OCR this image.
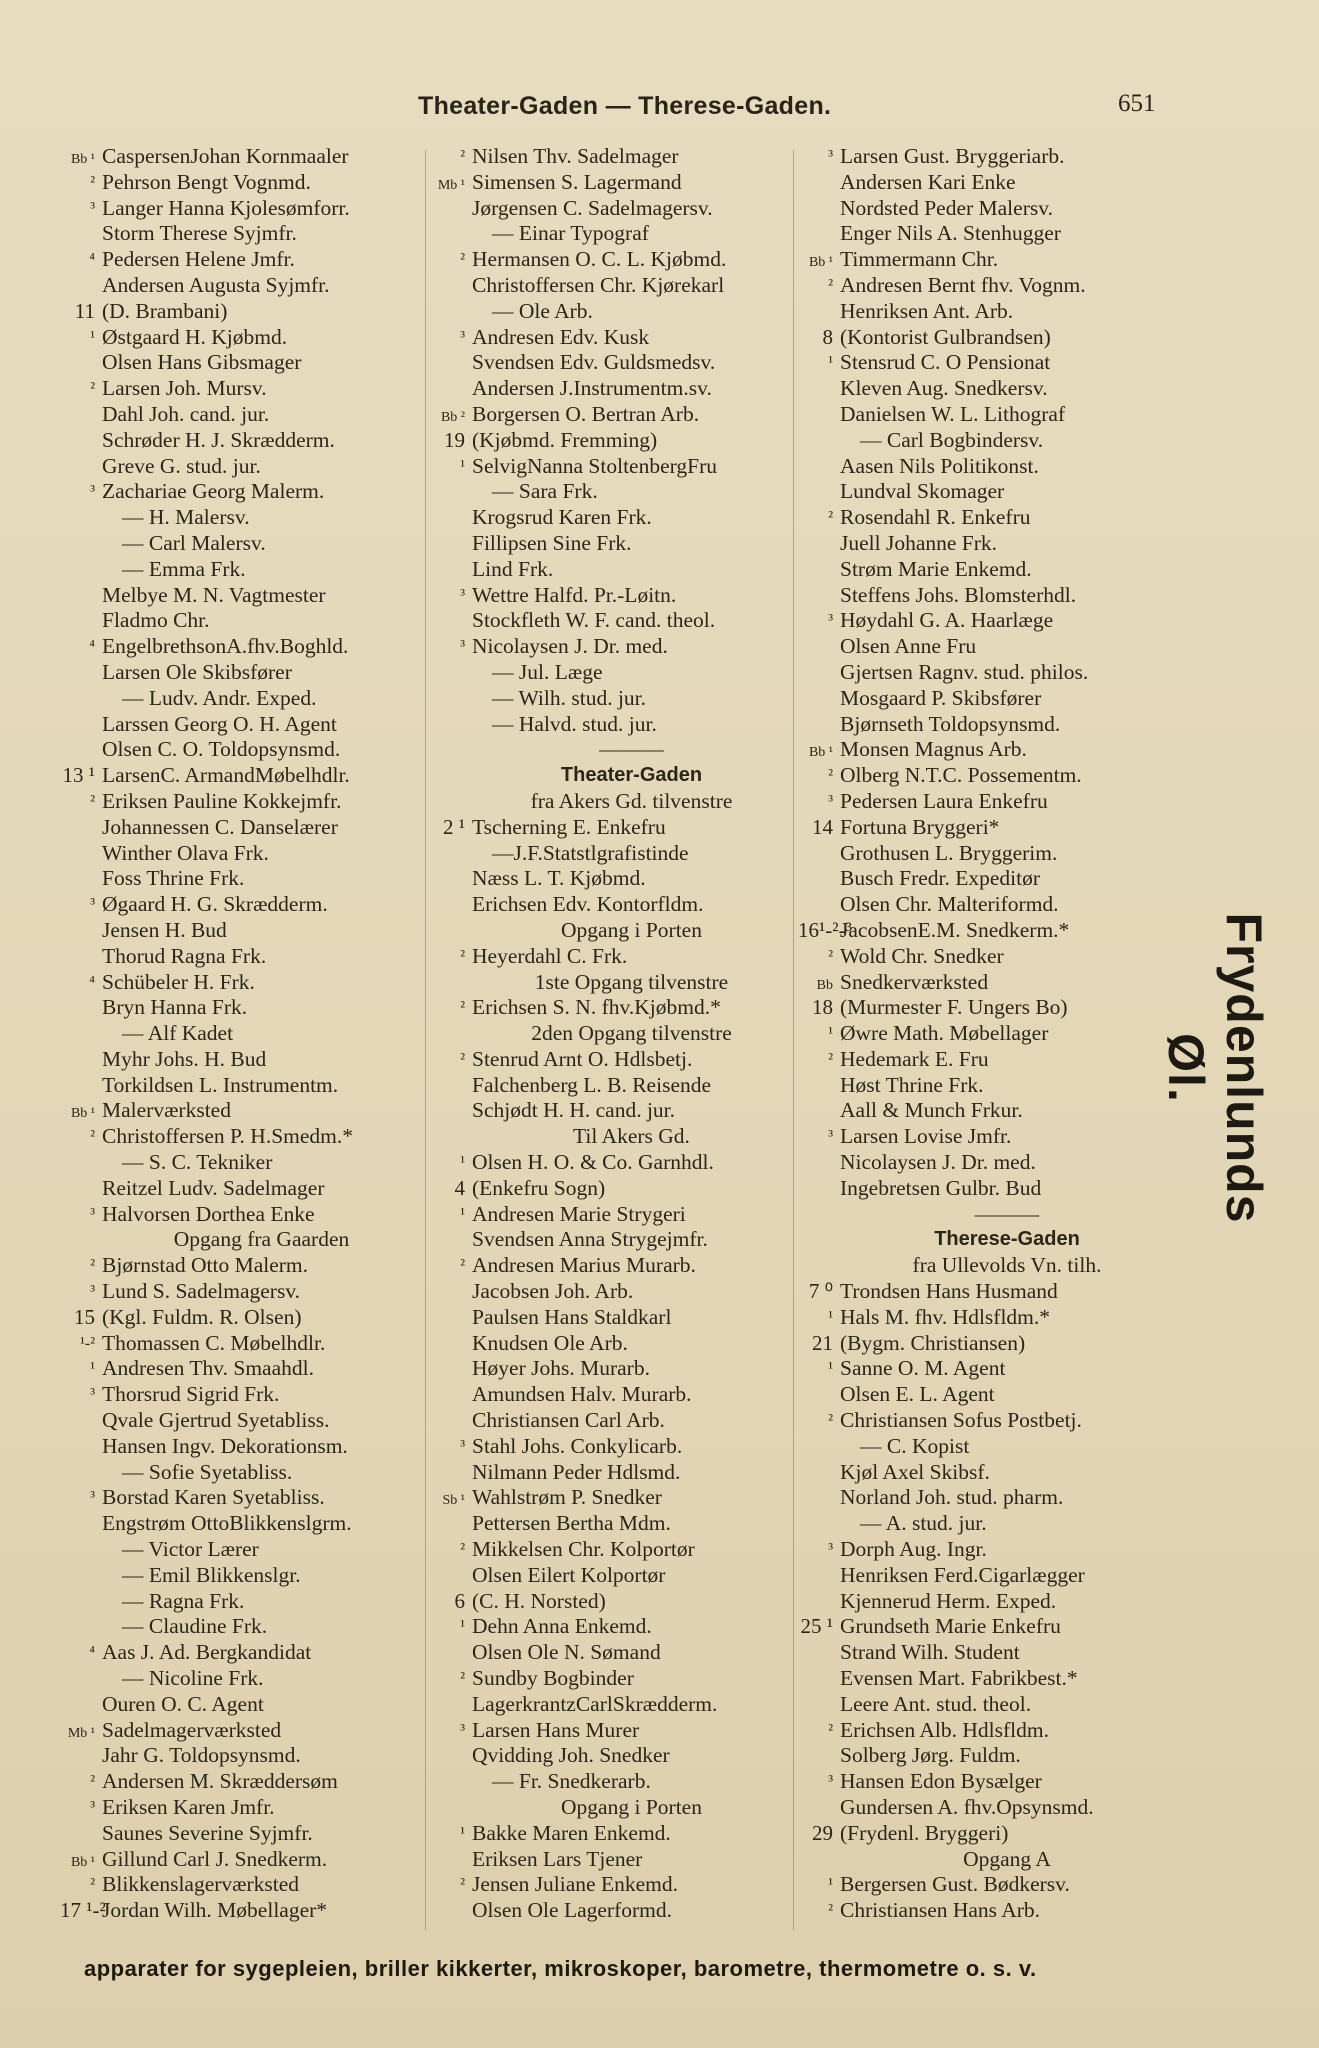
Theater-Gaden — Therese-Gaden.	651
Bb ¹ CaspersenJohan Kornmaaler
² Pehrson Bengt Vognmd.
³ Langer Hanna Kjolesømforr.
Storm Therese Syjmfr.
⁴ Pedersen Helene Jmfr.
Andersen Augusta Syjmfr.
11 (D. Brambani)
¹ Østgaard H. Kjøbmd.
Olsen Hans Gibsmager
² Larsen Joh. Mursv.
Dahl Joh. cand. jur.
Schrøder H. J. Skrædderm.
Greve G. stud. jur.
³ Zachariae Georg Malerm.
— H. Malersv.
— Carl Malersv.
— Emma Frk.
Melbye M. N. Vagtmester
Fladmo Chr.
⁴ EngelbrethsonA.fhv.Boghld.
Larsen Ole Skibsfører
— Ludv. Andr. Exped.
Larssen Georg O. H. Agent
Olsen C. O. Toldopsynsmd.
13 ¹ LarsenC. ArmandMøbelhdlr.
² Eriksen Pauline Kokkejmfr.
Johannessen C. Danselærer
Winther Olava Frk.
Foss Thrine Frk.
³ Øgaard H. G. Skrædderm.
Jensen H. Bud
Thorud Ragna Frk.
⁴ Schübeler H. Frk.
Bryn Hanna Frk.
— Alf Kadet
Myhr Johs. H. Bud
Torkildsen L. Instrumentm.
Bb ¹ Malerværksted
² Christoffersen P. H.Smedm.*
— S. C. Tekniker
Reitzel Ludv. Sadelmager
³ Halvorsen Dorthea Enke
Opgang fra Gaarden
² Bjørnstad Otto Malerm.
³ Lund S. Sadelmagersv.
15 (Kgl. Fuldm. R. Olsen)
¹-² Thomassen C. Møbelhdlr.
¹ Andresen Thv. Smaahdl.
³ Thorsrud Sigrid Frk.
Qvale Gjertrud Syetabliss.
Hansen Ingv. Dekorationsm.
— Sofie Syetabliss.
³ Borstad Karen Syetabliss.
Engstrøm OttoBlikkenslgrm.
— Victor Lærer
— Emil Blikkenslgr.
— Ragna Frk.
— Claudine Frk.
⁴ Aas J. Ad. Bergkandidat
— Nicoline Frk.
Ouren O. C. Agent
Mb ¹ Sadelmagerværksted
Jahr G. Toldopsynsmd.
² Andersen M. Skræddersøm
³ Eriksen Karen Jmfr.
Saunes Severine Syjmfr.
Bb ¹ Gillund Carl J. Snedkerm.
² Blikkenslagerværksted
17 ¹-²
Jordan Wilh. Møbellager*
² Nilsen Thv. Sadelmager
Mb ¹ Simensen S. Lagermand
Jørgensen C. Sadelmagersv.
— Einar Typograf
² Hermansen O. C. L. Kjøbmd.
Christoffersen Chr. Kjørekarl
— Ole Arb.
³ Andresen Edv. Kusk
Svendsen Edv. Guldsmedsv.
Andersen J.Instrumentm.sv.
Bb ² Borgersen O. Bertran Arb.
19 (Kjøbmd. Fremming)
¹ SelvigNanna StoltenbergFru
— Sara Frk.
Krogsrud Karen Frk.
Fillipsen Sine Frk.
Lind Frk.
³ Wettre Halfd. Pr.-Løitn.
Stockfleth W. F. cand. theol.
³ Nicolaysen J. Dr. med.
— Jul. Læge
— Wilh. stud. jur.
— Halvd. stud. jur.
———
Theater-Gaden
fra Akers Gd. tilvenstre
2 ¹ Tscherning E. Enkefru
—J.F.Statstlgrafistinde
Næss L. T. Kjøbmd.
Erichsen Edv. Kontorfldm.
Opgang i Porten
² Heyerdahl C. Frk.
1ste Opgang tilvenstre
² Erichsen S. N. fhv.Kjøbmd.*
2den Opgang tilvenstre
² Stenrud Arnt O. Hdlsbetj.
Falchenberg L. B. Reisende
Schjødt H. H. cand. jur.
Til Akers Gd.
¹ Olsen H. O. & Co. Garnhdl.
4 (Enkefru Sogn)
¹ Andresen Marie Strygeri
Svendsen Anna Strygejmfr.
² Andresen Marius Murarb.
Jacobsen Joh. Arb.
Paulsen Hans Staldkarl
Knudsen Ole Arb.
Høyer Johs. Murarb.
Amundsen Halv. Murarb.
Christiansen Carl Arb.
³ Stahl Johs. Conkylicarb.
Nilmann Peder Hdlsmd.
Sb ¹ Wahlstrøm P. Snedker
Pettersen Bertha Mdm.
² Mikkelsen Chr. Kolportør
Olsen Eilert Kolportør
6 (C. H. Norsted)
¹ Dehn Anna Enkemd.
Olsen Ole N. Sømand
² Sundby Bogbinder
LagerkrantzCarlSkrædderm.
³ Larsen Hans Murer
Qvidding Joh. Snedker
— Fr. Snedkerarb.
Opgang i Porten
¹ Bakke Maren Enkemd.
Eriksen Lars Tjener
² Jensen Juliane Enkemd.
Olsen Ole Lagerformd.
³ Larsen Gust. Bryggeriarb.
Andersen Kari Enke
Nordsted Peder Malersv.
Enger Nils A. Stenhugger
Bb ¹ Timmermann Chr.
² Andresen Bernt fhv. Vognm.
Henriksen Ant. Arb.
8 (Kontorist Gulbrandsen)
¹ Stensrud C. O Pensionat
Kleven Aug. Snedkersv.
Danielsen W. L. Lithograf
— Carl Bogbindersv.
Aasen Nils Politikonst.
Lundval Skomager
² Rosendahl R. Enkefru
Juell Johanne Frk.
Strøm Marie Enkemd.
Steffens Johs. Blomsterhdl.
³ Høydahl G. A. Haarlæge
Olsen Anne Fru
Gjertsen Ragnv. stud. philos.
Mosgaard P. Skibsfører
Bjørnseth Toldopsynsmd.
Bb ¹ Monsen Magnus Arb.
² Olberg N.T.C. Possementm.
³ Pedersen Laura Enkefru
14 Fortuna Bryggeri*
Grothusen L. Bryggerim.
Busch Fredr. Expeditør
Olsen Chr. Malteriformd.
16¹-²-³
JacobsenE.M. Snedkerm.*
² Wold Chr. Snedker
Bb Snedkerværksted
18 (Murmester F. Ungers Bo)
¹ Øwre Math. Møbellager
² Hedemark E. Fru
Høst Thrine Frk.
Aall & Munch Frkur.
³ Larsen Lovise Jmfr.
Nicolaysen J. Dr. med.
Ingebretsen Gulbr. Bud
———
Therese-Gaden
fra Ullevolds Vn. tilh.
7 ⁰ Trondsen Hans Husmand
¹ Hals M. fhv. Hdlsfldm.*
21 (Bygm. Christiansen)
¹ Sanne O. M. Agent
Olsen E. L. Agent
² Christiansen Sofus Postbetj.
— C. Kopist
Kjøl Axel Skibsf.
Norland Joh. stud. pharm.
— A. stud. jur.
³ Dorph Aug. Ingr.
Henriksen Ferd.Cigarlægger
Kjennerud Herm. Exped.
25 ¹ Grundseth Marie Enkefru
Strand Wilh. Student
Evensen Mart. Fabrikbest.*
Leere Ant. stud. theol.
² Erichsen Alb. Hdlsfldm.
Solberg Jørg. Fuldm.
³ Hansen Edon Bysælger
Gundersen A. fhv.Opsynsmd.
29 (Frydenl. Bryggeri)
Opgang A
¹ Bergersen Gust. Bødkersv.
² Christiansen Hans Arb.
Frydenlunds Øl.
apparater for sygepleien, briller kikkerter, mikroskoper, barometre, thermometre o. s. v.
